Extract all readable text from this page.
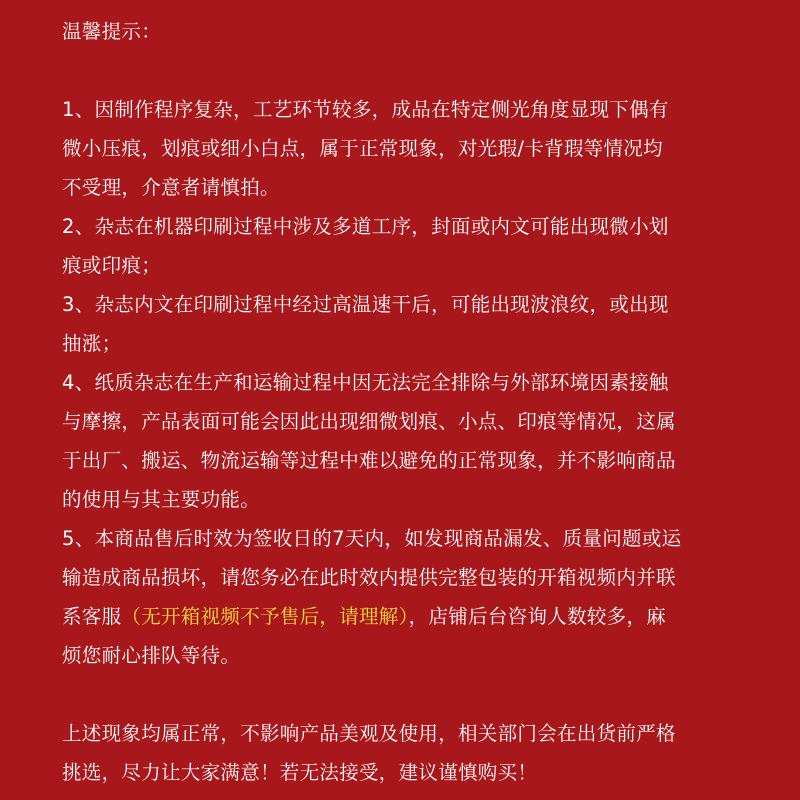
温馨提示：
1、因制作程序复杂，工艺环节较多，成品在特定侧光角度显现下偶有
微小压痕，划痕或细小白点，属于正常现象，对光瑕/卡背瑕等情况均
不受理，介意者请慎拍。
2、杂志在机器印刷过程中涉及多道工序，封面或内文可能出现微小划
痕或印痕；
3、杂志内文在印刷过程中经过高温速干后，可能出现波浪纹，或出现
抽涨；
4、纸质杂志在生产和运输过程中因无法完全排除与外部环境因素接触
与摩擦，产品表面可能会因此出现细微划痕、小点、印痕等情况，这属
于出厂、搬运、物流运输等过程中难以避免的正常现象，并不影响商品
的使用与其主要功能。
5、本商品售后时效为签收日的7天内，如发现商品漏发、质量问题或运
输造成商品损坏，请您务必在此时效内提供完整包装的开箱视频内并联
系客服（无开箱视频不予售后，请理解），店铺后台咨询人数较多，麻
烦您耐心排队等待。
上述现象均属正常，不影响产品美观及使用，相关部门会在出货前严格
挑选，尽力让大家满意！若无法接受，建议谨慎购买！
